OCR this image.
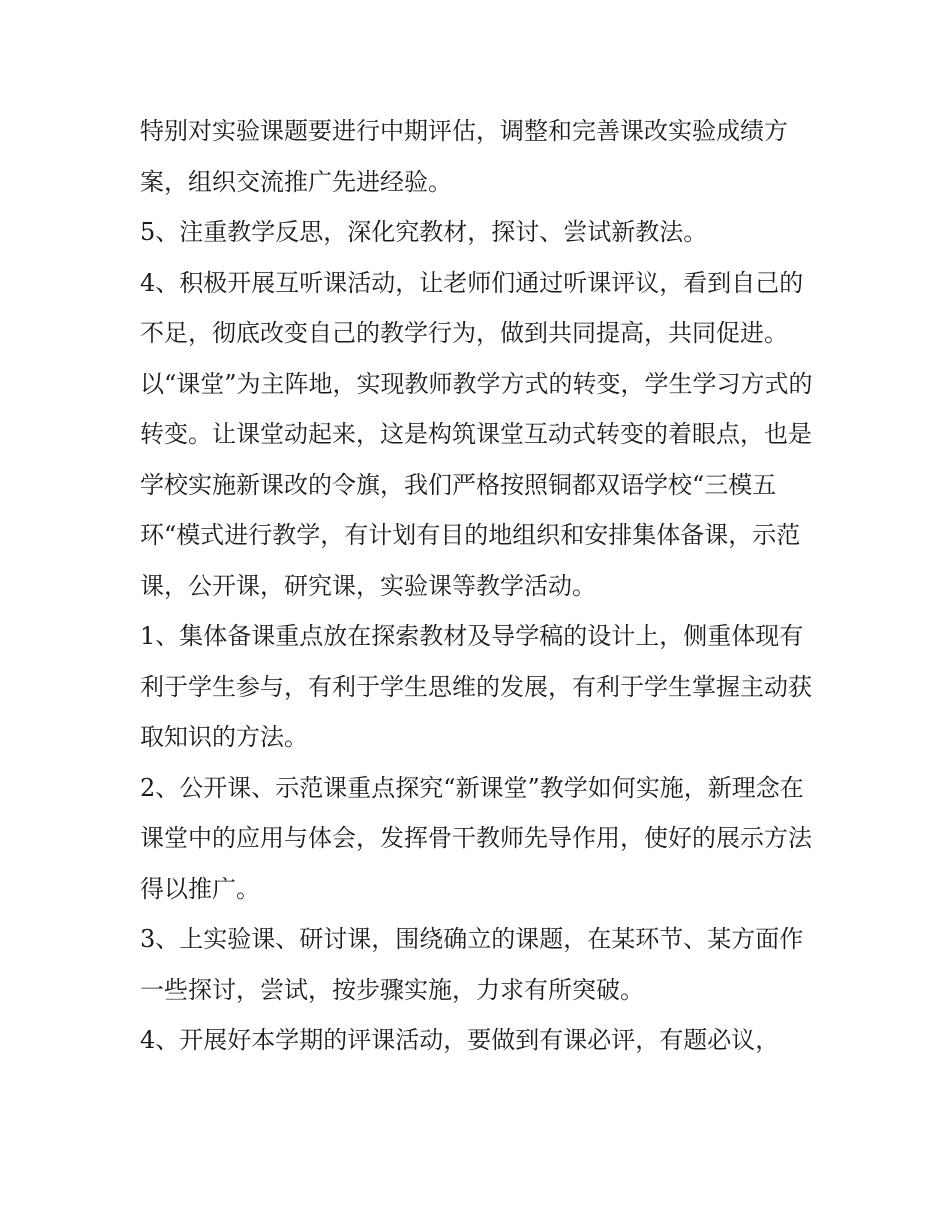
特别对实验课题要进行中期评估，调整和完善课改实验成绩方案，组织交流推广先进经验。

5、注重教学反思，深化究教材，探讨、尝试新教法。

4、积极开展互听课活动，让老师们通过听课评议，看到自己的不足，彻底改变自己的教学行为，做到共同提高，共同促进。

以“课堂”为主阵地，实现教师教学方式的转变，学生学习方式的转变。让课堂动起来，这是构筑课堂互动式转变的着眼点，也是学校实施新课改的令旗，我们严格按照铜都双语学校“三模五环“模式进行教学，有计划有目的地组织和安排集体备课，示范课，公开课，研究课，实验课等教学活动。

1、集体备课重点放在探索教材及导学稿的设计上，侧重体现有利于学生参与，有利于学生思维的发展，有利于学生掌握主动获取知识的方法。

2、公开课、示范课重点探究“新课堂”教学如何实施，新理念在课堂中的应用与体会，发挥骨干教师先导作用，使好的展示方法得以推广。

3、上实验课、研讨课，围绕确立的课题，在某环节、某方面作一些探讨，尝试，按步骤实施，力求有所突破。

4、开展好本学期的评课活动，要做到有课必评，有题必议，
